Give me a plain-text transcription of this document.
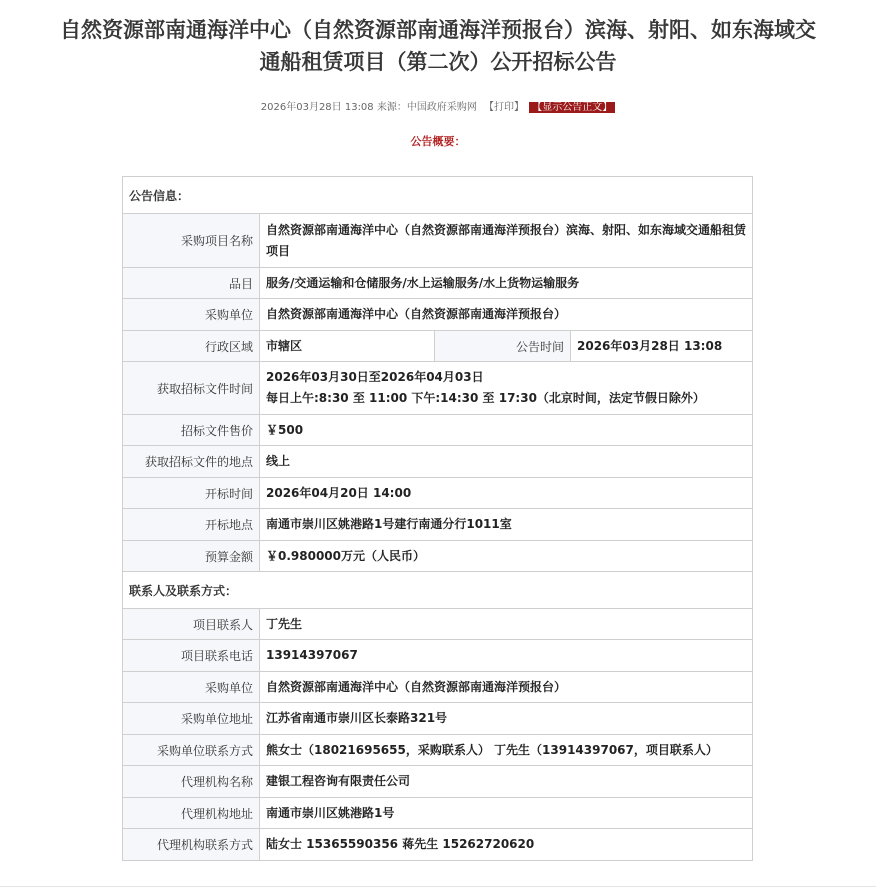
自然资源部南通海洋中心（自然资源部南通海洋预报台）滨海、射阳、如东海域交
通船租赁项目（第二次）公开招标公告
2026年03月28日 13:08 来源：中国政府采购网 【打印】 【显示公告正文】
公告概要：
公告信息：			
采购项目名称	自然资源部南通海洋中心（自然资源部南通海洋预报台）滨海、射阳、如东海域交通船租赁项目		
品目	服务/交通运输和仓储服务/水上运输服务/水上货物运输服务		
采购单位	自然资源部南通海洋中心（自然资源部南通海洋预报台）		
行政区域	市辖区	公告时间	2026年03月28日 13:08
获取招标文件时间	2026年03月30日至2026年04月03日
每日上午:8:30 至 11:00 下午:14:30 至 17:30（北京时间，法定节假日除外）		
招标文件售价	￥500		
获取招标文件的地点	线上		
开标时间	2026年04月20日 14:00		
开标地点	南通市崇川区姚港路1号建行南通分行1011室		
预算金额	￥0.980000万元（人民币）		
联系人及联系方式：			
项目联系人	丁先生		
项目联系电话	13914397067		
采购单位	自然资源部南通海洋中心（自然资源部南通海洋预报台）		
采购单位地址	江苏省南通市崇川区长泰路321号		
采购单位联系方式	熊女士（18021695655，采购联系人） 丁先生（13914397067，项目联系人）		
代理机构名称	建银工程咨询有限责任公司		
代理机构地址	南通市崇川区姚港路1号		
代理机构联系方式	陆女士 15365590356 蒋先生 15262720620		
